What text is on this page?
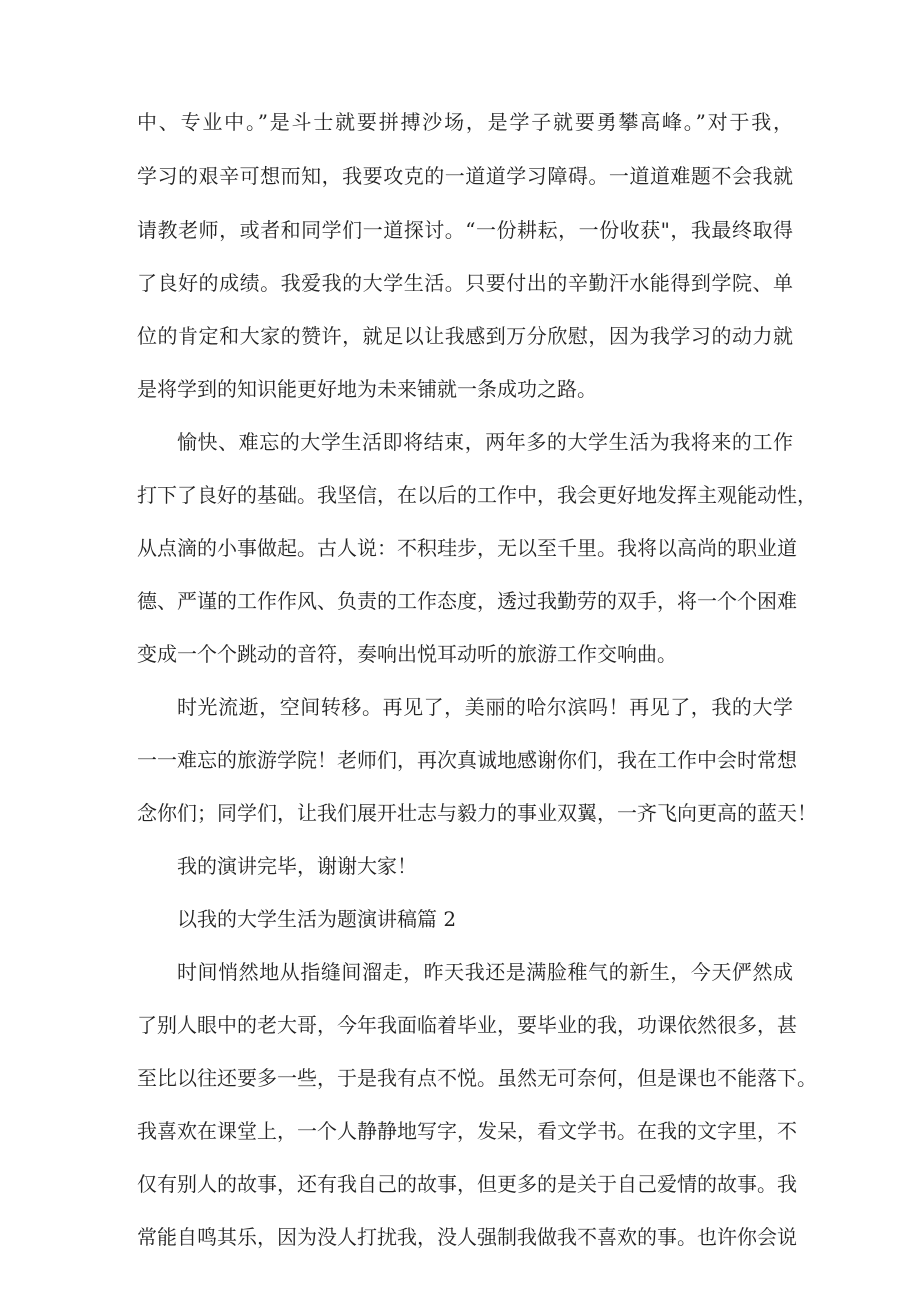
中、专业中。”是斗士就要拼搏沙场，是学子就要勇攀高峰。”对于我，
学习的艰辛可想而知，我要攻克的一道道学习障碍。一道道难题不会我就
请教老师，或者和同学们一道探讨。“一份耕耘，一份收获"，我最终取得
了良好的成绩。我爱我的大学生活。只要付出的辛勤汗水能得到学院、单
位的肯定和大家的赞许，就足以让我感到万分欣慰，因为我学习的动力就
是将学到的知识能更好地为未来铺就一条成功之路。
愉快、难忘的大学生活即将结束，两年多的大学生活为我将来的工作
打下了良好的基础。我坚信，在以后的工作中，我会更好地发挥主观能动性，
从点滴的小事做起。古人说：不积珪步，无以至千里。我将以高尚的职业道
德、严谨的工作作风、负责的工作态度，透过我勤劳的双手，将一个个困难
变成一个个跳动的音符，奏响出悦耳动听的旅游工作交响曲。
时光流逝，空间转移。再见了，美丽的哈尔滨吗！再见了，我的大学
一一难忘的旅游学院！老师们，再次真诚地感谢你们，我在工作中会时常想
念你们；同学们，让我们展开壮志与毅力的事业双翼，一齐飞向更高的蓝天！
我的演讲完毕，谢谢大家！
以我的大学生活为题演讲稿篇 2
时间悄然地从指缝间溜走，昨天我还是满脸稚气的新生，今天俨然成
了别人眼中的老大哥，今年我面临着毕业，要毕业的我，功课依然很多，甚
至比以往还要多一些，于是我有点不悦。虽然无可奈何，但是课也不能落下。
我喜欢在课堂上，一个人静静地写字，发呆，看文学书。在我的文字里，不
仅有别人的故事，还有我自己的故事，但更多的是关于自己爱情的故事。我
常能自鸣其乐，因为没人打扰我，没人强制我做我不喜欢的事。也许你会说
